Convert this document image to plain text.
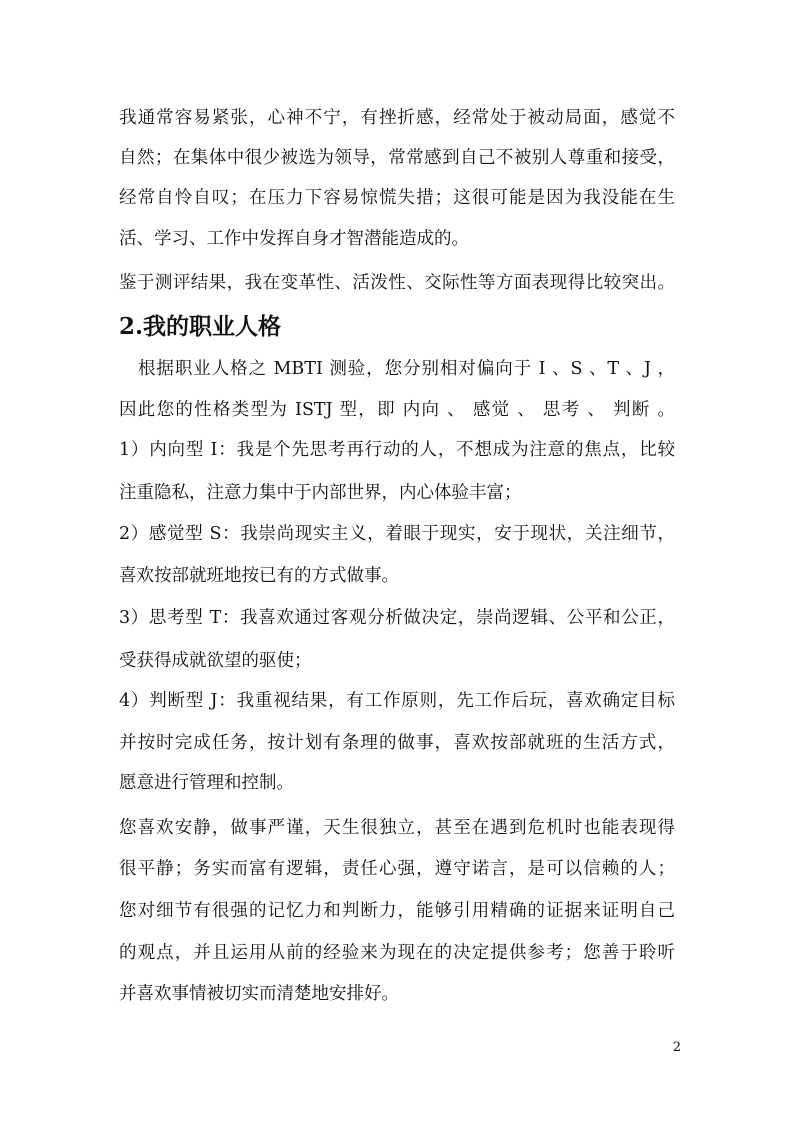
我通常容易紧张，心神不宁，有挫折感，经常处于被动局面，感觉不
自然；在集体中很少被选为领导，常常感到自己不被别人尊重和接受，
经常自怜自叹；在压力下容易惊慌失措；这很可能是因为我没能在生
活、学习、工作中发挥自身才智潜能造成的。
鉴于测评结果，我在变革性、活泼性、交际性等方面表现得比较突出。
2.我的职业人格
根据职业人格之 MBTI 测验，您分别相对偏向于 I 、S 、T 、J ，
因此您的性格类型为 ISTJ 型，即 内向 、 感觉 、 思考 、 判断 。
1）内向型 I：我是个先思考再行动的人，不想成为注意的焦点，比较
注重隐私，注意力集中于内部世界，内心体验丰富；
2）感觉型 S：我崇尚现实主义，着眼于现实，安于现状，关注细节，
喜欢按部就班地按已有的方式做事。
3）思考型 T：我喜欢通过客观分析做决定，崇尚逻辑、公平和公正，
受获得成就欲望的驱使；
4）判断型 J：我重视结果，有工作原则，先工作后玩，喜欢确定目标
并按时完成任务，按计划有条理的做事，喜欢按部就班的生活方式，
愿意进行管理和控制。
您喜欢安静，做事严谨，天生很独立，甚至在遇到危机时也能表现得
很平静；务实而富有逻辑，责任心强，遵守诺言，是可以信赖的人；
您对细节有很强的记忆力和判断力，能够引用精确的证据来证明自己
的观点，并且运用从前的经验来为现在的决定提供参考；您善于聆听
并喜欢事情被切实而清楚地安排好。
2
